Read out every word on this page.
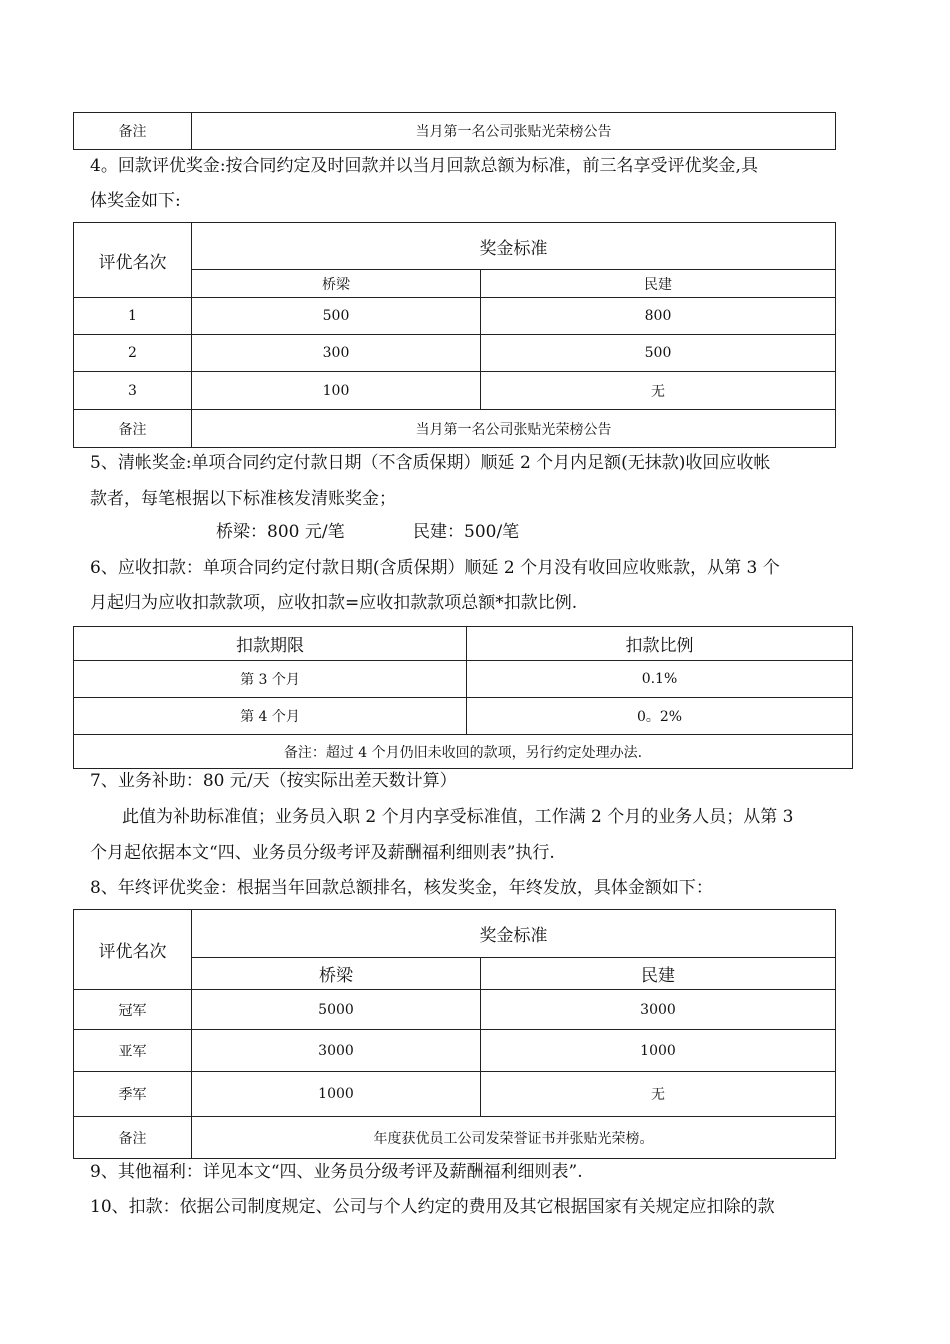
备注	当月第一名公司张贴光荣榜公告
4。回款评优奖金:按合同约定及时回款并以当月回款总额为标准，前三名享受评优奖金,具
体奖金如下:
评优名次	奖金标准	
	桥梁	民建
1	500	800
2	300	500
3	100	无
备注	当月第一名公司张贴光荣榜公告	
5、清帐奖金:单项合同约定付款日期（不含质保期）顺延 2 个月内足额(无抹款)收回应收帐
款者，每笔根据以下标准核发清账奖金；
桥梁：800 元/笔	民建：500/笔
6、应收扣款：单项合同约定付款日期(含质保期）顺延 2 个月没有收回应收账款，从第 3 个
月起归为应收扣款款项，应收扣款=应收扣款款项总额*扣款比例.
扣款期限	扣款比例
第 3 个月	0.1%
第 4 个月	0。2%
备注：超过 4 个月仍旧未收回的款项，另行约定处理办法.	
7、业务补助：80 元/天（按实际出差天数计算）
此值为补助标准值；业务员入职 2 个月内享受标准值，工作满 2 个月的业务人员；从第 3
个月起依据本文“四、业务员分级考评及薪酬福利细则表”执行.
8、年终评优奖金：根据当年回款总额排名，核发奖金，年终发放，具体金额如下：
评优名次	奖金标准	
	桥梁	民建
冠军	5000	3000
亚军	3000	1000
季军	1000	无
备注	年度获优员工公司发荣誉证书并张贴光荣榜。	
9、其他福利：详见本文“四、业务员分级考评及薪酬福利细则表”.
10、扣款：依据公司制度规定、公司与个人约定的费用及其它根据国家有关规定应扣除的款
